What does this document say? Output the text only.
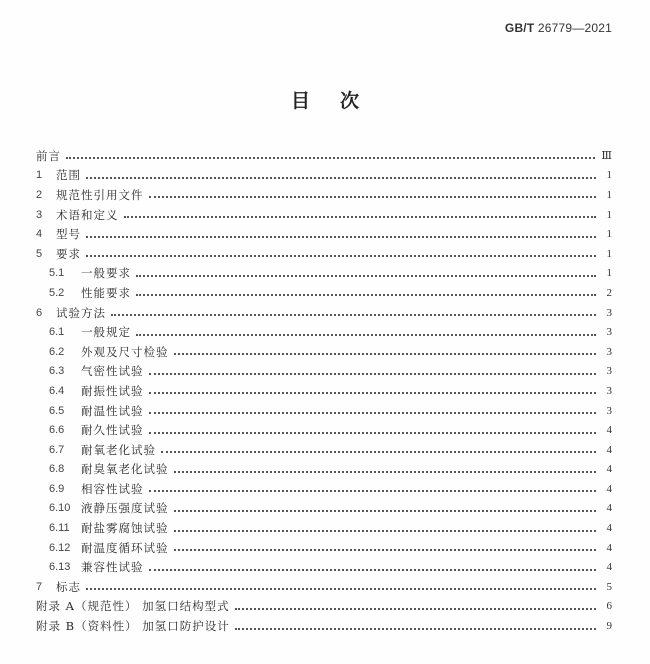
GB/T 26779—2021
目次
前言	Ⅲ
1	范围	1
2	规范性引用文件	1
3	术语和定义	1
4	型号	1
5	要求	1
5.1	一般要求	1
5.2	性能要求	2
6	试验方法	3
6.1	一般规定	3
6.2	外观及尺寸检验	3
6.3	气密性试验	3
6.4	耐振性试验	3
6.5	耐温性试验	3
6.6	耐久性试验	4
6.7	耐氧老化试验	4
6.8	耐臭氧老化试验	4
6.9	相容性试验	4
6.10 液静压强度试验	4
6.11 耐盐雾腐蚀试验	4
6.12 耐温度循环试验	4
6.13 兼容性试验	4
7	标志	5
附录 A（规范性） 加氢口结构型式	6
附录 B（资料性） 加氢口防护设计	9
